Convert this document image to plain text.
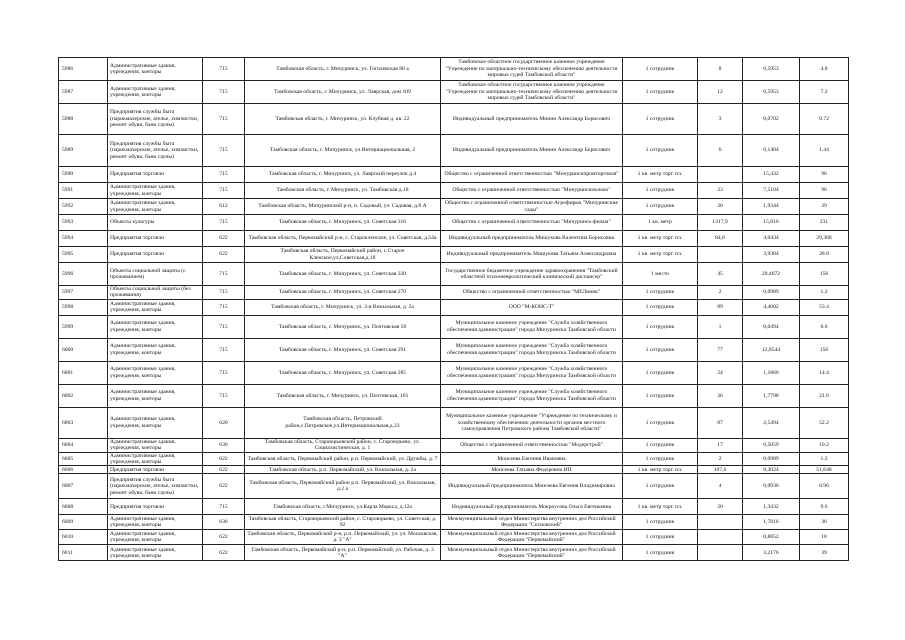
5986	Административные здания, учреждения, конторы	715	Тамбовская область, г. Мичуринск, ул. Гоголевская 88 а	Тамбовское областное государственное казенное учреждение "Учреждение по материально-техническому обеспечению деятельности мировых судей Тамбовской области"	1 сотрудник	8	0,5953	4.8
5987	Административные здания, учреждения, конторы	715	Тамбовская область, г. Мичуринск, ул. Лаврская, дом 109	Тамбовское областное государственное казенное учреждение "Учреждение по материально-техническому обеспечению деятельности мировых судей Тамбовской области"	1 сотрудник	12	0,5953	7.2
5988	Предприятия службы быта (парикмахерские, ателье, химчистки, ремонт обуви, бани сауны)	715	Тамбовская область, г. Мичуринск, ул. Клубная д. кв. 22	Индивидуальный предприниматель Минин Александр Борисович	1 сотрудник	3	0,0702	0.72
5989	Предприятия службы быта (парикмахерские, ателье, химчистки, ремонт обуви, бани сауны)	715	Тамбовская область, г. Мичуринск, ул.Интернациональная, 2	Индивидуальный предприниматель Минин Александр Борисович	1 сотрудник	6	0,1404	1.44
5990	Предприятия торговли	715	Тамбовская область, г. Мичуринск, ул. Лаврский переулок д.4	Общество с ограниченной ответственностью "Мичуринскпромторговля"	1 кв. метр торг. пл.		15,432	96
5991	Административные здания, учреждения, конторы	715	Тамбовская область, г. Мичуринск, ул. Тамбовская д.18	Общество с ограниченной ответственностью "Мичуринскмолоко"	1 сотрудник	23	7,5104	96
5992	Административные здания, учреждения, конторы	612	Тамбовская область, Мичуринский р-н, п. Садовый, ул. Садовая, д.8 А	Общество с ограниченной ответственностью Агрофирма "Мичуринские сады"	1 сотрудник	20	1,9344	39
5993	Объекты культуры	715	Тамбовская область, г. Мичуринск, ул. Советская 316	Общество с ограниченной ответственностью "Мичуринск-фильм"	1 кв. метр	1317,9	15,816	231
5994	Предприятия торговли	622	Тамбовская область, Первомайский р-н, с. Старокленское, ул. Советская, д.54а	Индивидуальный предприниматель Мишукова Валентина Борисовна	1 кв. метр торг. пл.	84,6	4,0434	29,368
5995	Предприятия торговли	622	Тамбовская область, Первомайский район, с.Старое Кленское,ул.Советская,д.18	Индивидуальный предприниматель Мишукова Татьяна Александровна	1 кв. метр торг. пл.		3,9384	28.8
5996	Объекты социальной защиты (с проживанием)	715	Тамбовская область, г. Мичуринск, ул. Советская 330	Государственное бюджетное учреждение здравоохранения "Тамбовский областной психоневрологический клинический диспансер"	1 место	45	20,4672	156
5997	Объекты социальной защиты (без проживания)	715	Тамбовская область, г. Мичуринск, ул. Советская 270	Общество с ограниченной ответственностью "МЕЛиник"	1 сотрудник	2	0,0989	1.2
5998	Административные здания, учреждения, конторы	715	Тамбовская область, г. Мичуринск, ул. 2-я Вокзальная, д. 2а	ООО "М-КОНС-Т"	1 сотрудник	89	4,4002	53.4
5999	Административные здания, учреждения, конторы	715	Тамбовская область, г. Мичуринск, ул. Почтовская 50	Муниципальное казенное учреждение "Служба хозяйственного обеспечения администрации" города Мичуринска Тамбовской области	1 сотрудник	1	0,0494	0.6
6000	Административные здания, учреждения, конторы	715	Тамбовская область, г. Мичуринск, ул. Советская 291	Муниципальное казенное учреждение "Служба хозяйственного обеспечения администрации" города Мичуринска Тамбовской области	1 сотрудник	77	12,8544	156
6001	Административные здания, учреждения, конторы	715	Тамбовская область, г. Мичуринск, ул. Советская 285	Муниципальное казенное учреждение "Служба хозяйственного обеспечения администрации" города Мичуринска Тамбовской области	1 сотрудник	24	1,1866	14.4
6002	Административные здания, учреждения, конторы	715	Тамбовская область, г. Мичуринск, ул. Почтовская, 101	Муниципальное казенное учреждение "Служба хозяйственного обеспечения администрации" города Мичуринска Тамбовской области	1 сотрудник	36	1,7798	21.6
6003	Административные здания, учреждения, конторы	620	Тамбовская область, Петровский район,с.Петровское,ул.Интернациональная,д.23	Муниципальное казенное учреждение "Учреждение по техническому и хозяйственному обеспечению деятельности органов местного самоуправления Петровского района Тамбовской области"	1 сотрудник	87	2,5494	52.2
6004	Административные здания, учреждения, конторы	636	Тамбовская область, Староюрьевский район, с. Староюрьево, ул. Социалистическая, д. 1	Общество с ограниченной ответственностью "Модерстрой"	1 сотрудник	17	0,5059	10.2
6005	Административные здания, учреждения, конторы	622	Тамбовская область, Первомайский район, р.п. Первомайский, ул. Дружбы, д. 7	Моисеева Евгения Ивановна	1 сотрудник	2	0,0989	1.2
6006	Предприятия торговли	622	Тамбовская область, р.п. Первомайский, ул. Вокзальная, д. 2а	Моисеева Татьяна Федоровна ИП	1 кв. метр торг. пл.	107,6	8,3024	51,648
6007	Предприятия службы быта (парикмахерские, ателье, химчистки, ремонт обуви, бани сауны)	622	Тамбовская область, Первомайский район р.п. Первомайский, ул. Вокзальная, д.2 а	Индивидуальный предприниматель Моисеева Евгения Владимировна	1 сотрудник	4	0,0936	0.96
6008	Предприятия торговли	715	Тамбовская область, г.Мичуринск, ул.Карла Маркса, д.12а	Индивидуальный предприниматель Мокроусова Ольга Евгеньевна	1 кв. метр торг. пл.	20	1,3432	9.6
6009	Административные здания, учреждения, конторы	636	Тамбовская область, Староюрьевский район, с. Староюрьево, ул. Советская, д. 92	Межмуниципальный отдел Министерства внутренних дел Российской Федерации "Сосновский"	1 сотрудник		1,7816	36
6010	Административные здания, учреждения, конторы	622	Тамбовская область, Первомайский р-н, р.п. Первомайский, ул. ул. Московская, д. 3 "А"	Межмуниципальный отдел Министерства внутренних дел Российской Федерации "Первомайский"	1 сотрудник		0,8852	18
6011	Административные здания, учреждения, конторы	622	Тамбовская область, Первомайский р-н, р.п. Первомайский, ул. Рабочая, д. 3 "А"	Межмуниципальный отдел Министерства внутренних дел Российской Федерации "Первомайский"	1 сотрудник		3,2176	39
